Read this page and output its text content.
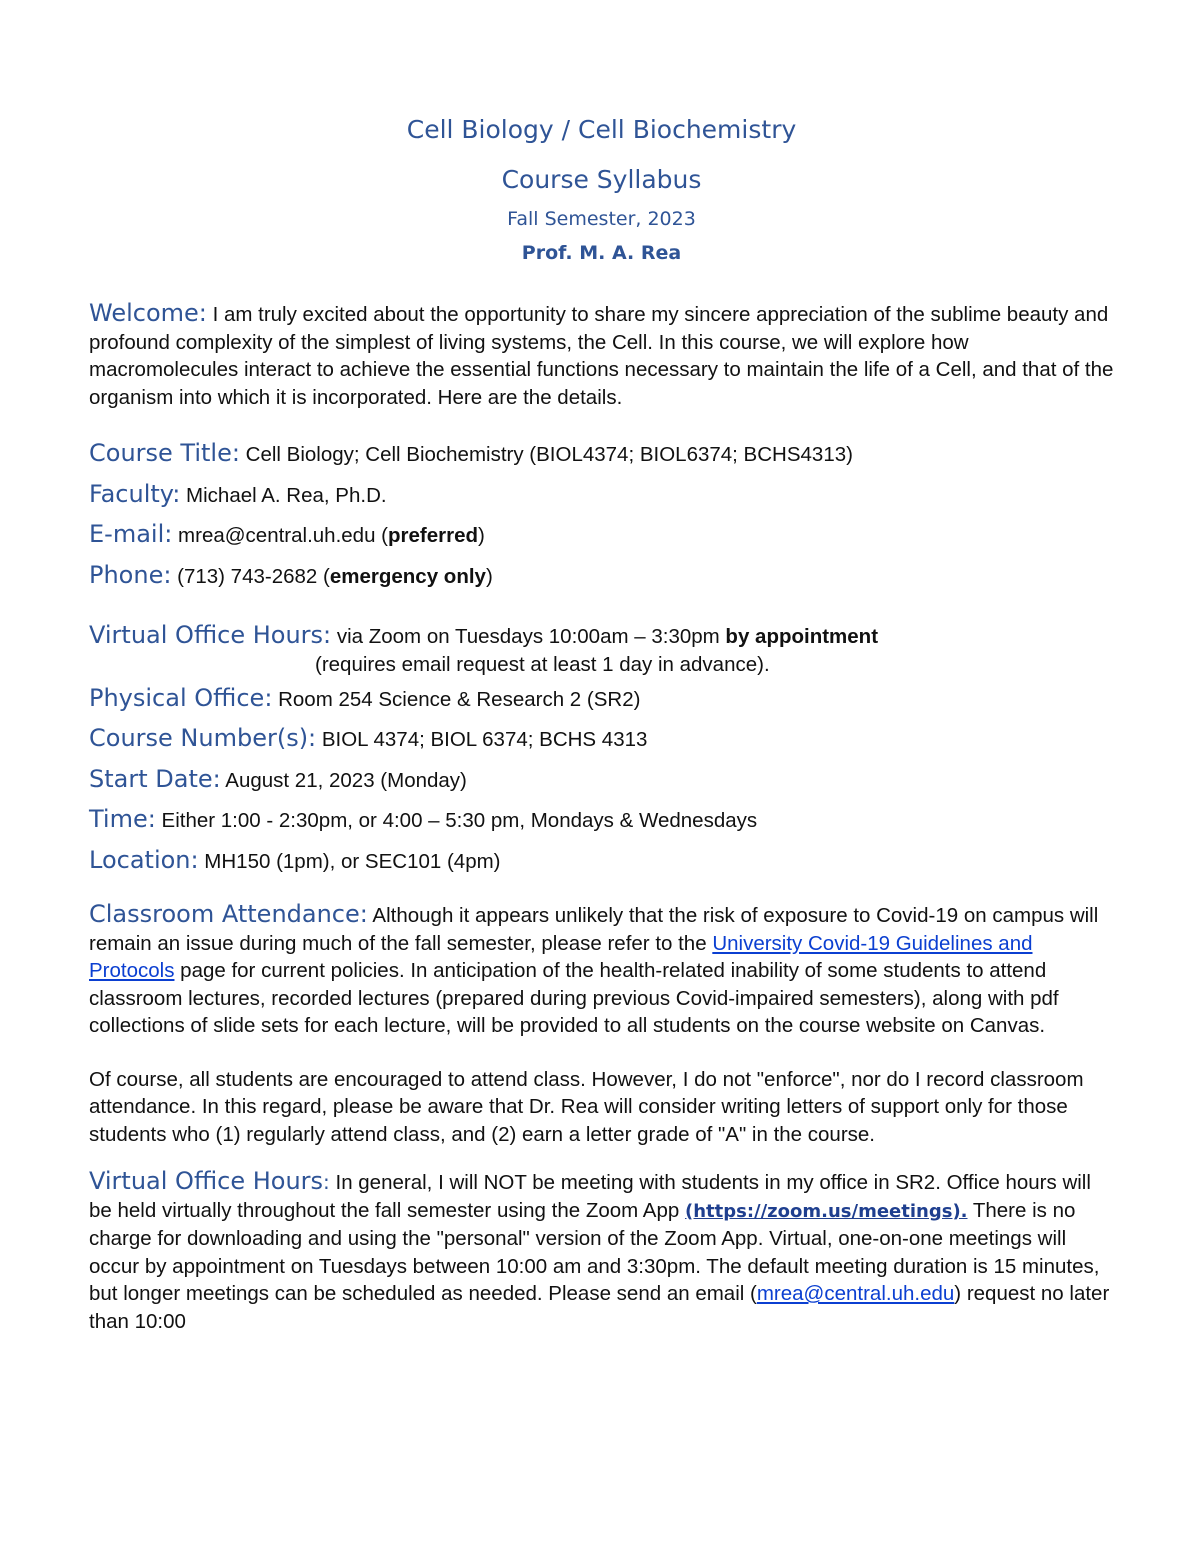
Cell Biology / Cell Biochemistry

Course Syllabus

Fall Semester, 2023

Prof. M. A. Rea

Welcome: I am truly excited about the opportunity to share my sincere appreciation of the sublime beauty and profound complexity of the simplest of living systems, the Cell. In this course, we will explore how macromolecules interact to achieve the essential functions necessary to maintain the life of a Cell, and that of the organism into which it is incorporated. Here are the details.

Course Title: Cell Biology; Cell Biochemistry (BIOL4374; BIOL6374; BCHS4313)

Faculty: Michael A. Rea, Ph.D.

E-mail: mrea@central.uh.edu (preferred)

Phone: (713) 743-2682 (emergency only)

Virtual Office Hours: via Zoom on Tuesdays 10:00am – 3:30pm by appointment

(requires email request at least 1 day in advance).

Physical Office: Room 254 Science & Research 2 (SR2)

Course Number(s): BIOL 4374; BIOL 6374; BCHS 4313

Start Date: August 21, 2023 (Monday)

Time: Either 1:00 - 2:30pm, or 4:00 – 5:30 pm, Mondays & Wednesdays

Location: MH150 (1pm), or SEC101 (4pm)

Classroom Attendance: Although it appears unlikely that the risk of exposure to Covid-19 on campus will remain an issue during much of the fall semester, please refer to the University Covid-19 Guidelines and Protocols page for current policies. In anticipation of the health-related inability of some students to attend classroom lectures, recorded lectures (prepared during previous Covid-impaired semesters), along with pdf collections of slide sets for each lecture, will be provided to all students on the course website on Canvas.

Of course, all students are encouraged to attend class. However, I do not "enforce", nor do I record classroom attendance. In this regard, please be aware that Dr. Rea will consider writing letters of support only for those students who (1) regularly attend class, and (2) earn a letter grade of "A" in the course.

Virtual Office Hours: In general, I will NOT be meeting with students in my office in SR2. Office hours will be held virtually throughout the fall semester using the Zoom App (https://zoom.us/meetings). There is no charge for downloading and using the "personal" version of the Zoom App. Virtual, one-on-one meetings will occur by appointment on Tuesdays between 10:00 am and 3:30pm. The default meeting duration is 15 minutes, but longer meetings can be scheduled as needed. Please send an email (mrea@central.uh.edu) request no later than 10:00
